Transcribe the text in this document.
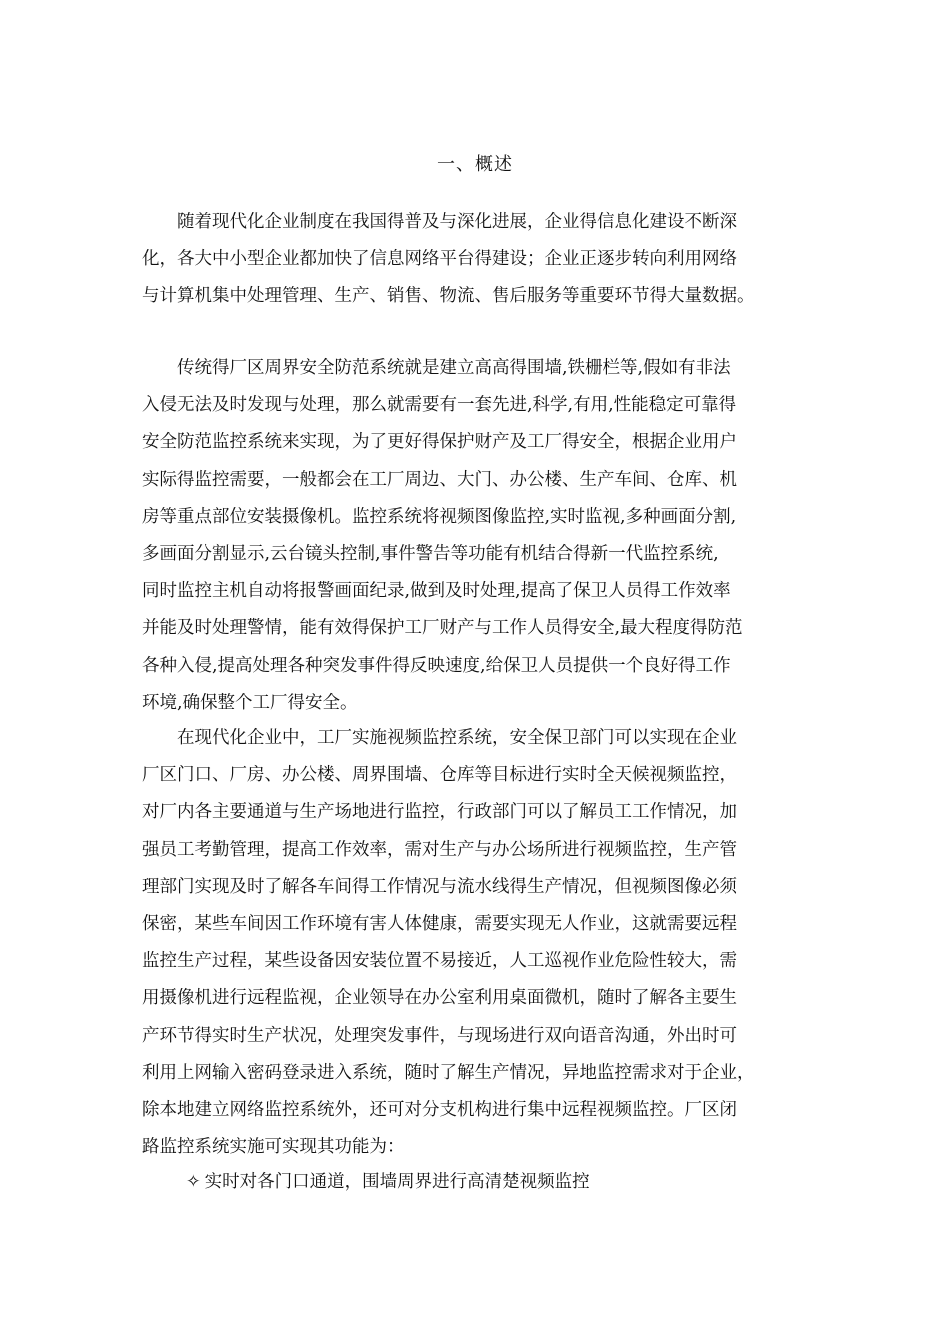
一、概述
　　随着现代化企业制度在我国得普及与深化进展，企业得信息化建设不断深
化，各大中小型企业都加快了信息网络平台得建设；企业正逐步转向利用网络
与计算机集中处理管理、生产、销售、物流、售后服务等重要环节得大量数据。
　　传统得厂区周界安全防范系统就是建立高高得围墙,铁栅栏等,假如有非法
入侵无法及时发现与处理，那么就需要有一套先进,科学,有用,性能稳定可靠得
安全防范监控系统来实现，为了更好得保护财产及工厂得安全，根据企业用户
实际得监控需要，一般都会在工厂周边、大门、办公楼、生产车间、仓库、机
房等重点部位安装摄像机。监控系统将视频图像监控,实时监视,多种画面分割,
多画面分割显示,云台镜头控制,事件警告等功能有机结合得新一代监控系统,
同时监控主机自动将报警画面纪录,做到及时处理,提高了保卫人员得工作效率
并能及时处理警情，能有效得保护工厂财产与工作人员得安全,最大程度得防范
各种入侵,提高处理各种突发事件得反映速度,给保卫人员提供一个良好得工作
环境,确保整个工厂得安全。
　　在现代化企业中，工厂实施视频监控系统，安全保卫部门可以实现在企业
厂区门口、厂房、办公楼、周界围墙、仓库等目标进行实时全天候视频监控，
对厂内各主要通道与生产场地进行监控，行政部门可以了解员工工作情况，加
强员工考勤管理，提高工作效率，需对生产与办公场所进行视频监控，生产管
理部门实现及时了解各车间得工作情况与流水线得生产情况，但视频图像必须
保密，某些车间因工作环境有害人体健康，需要实现无人作业，这就需要远程
监控生产过程，某些设备因安装位置不易接近，人工巡视作业危险性较大，需
用摄像机进行远程监视，企业领导在办公室利用桌面微机，随时了解各主要生
产环节得实时生产状况，处理突发事件，与现场进行双向语音沟通，外出时可
利用上网输入密码登录进入系统，随时了解生产情况，异地监控需求对于企业，
除本地建立网络监控系统外，还可对分支机构进行集中远程视频监控。厂区闭
路监控系统实施可实现其功能为：
✧ 实时对各门口通道，围墙周界进行高清楚视频监控
